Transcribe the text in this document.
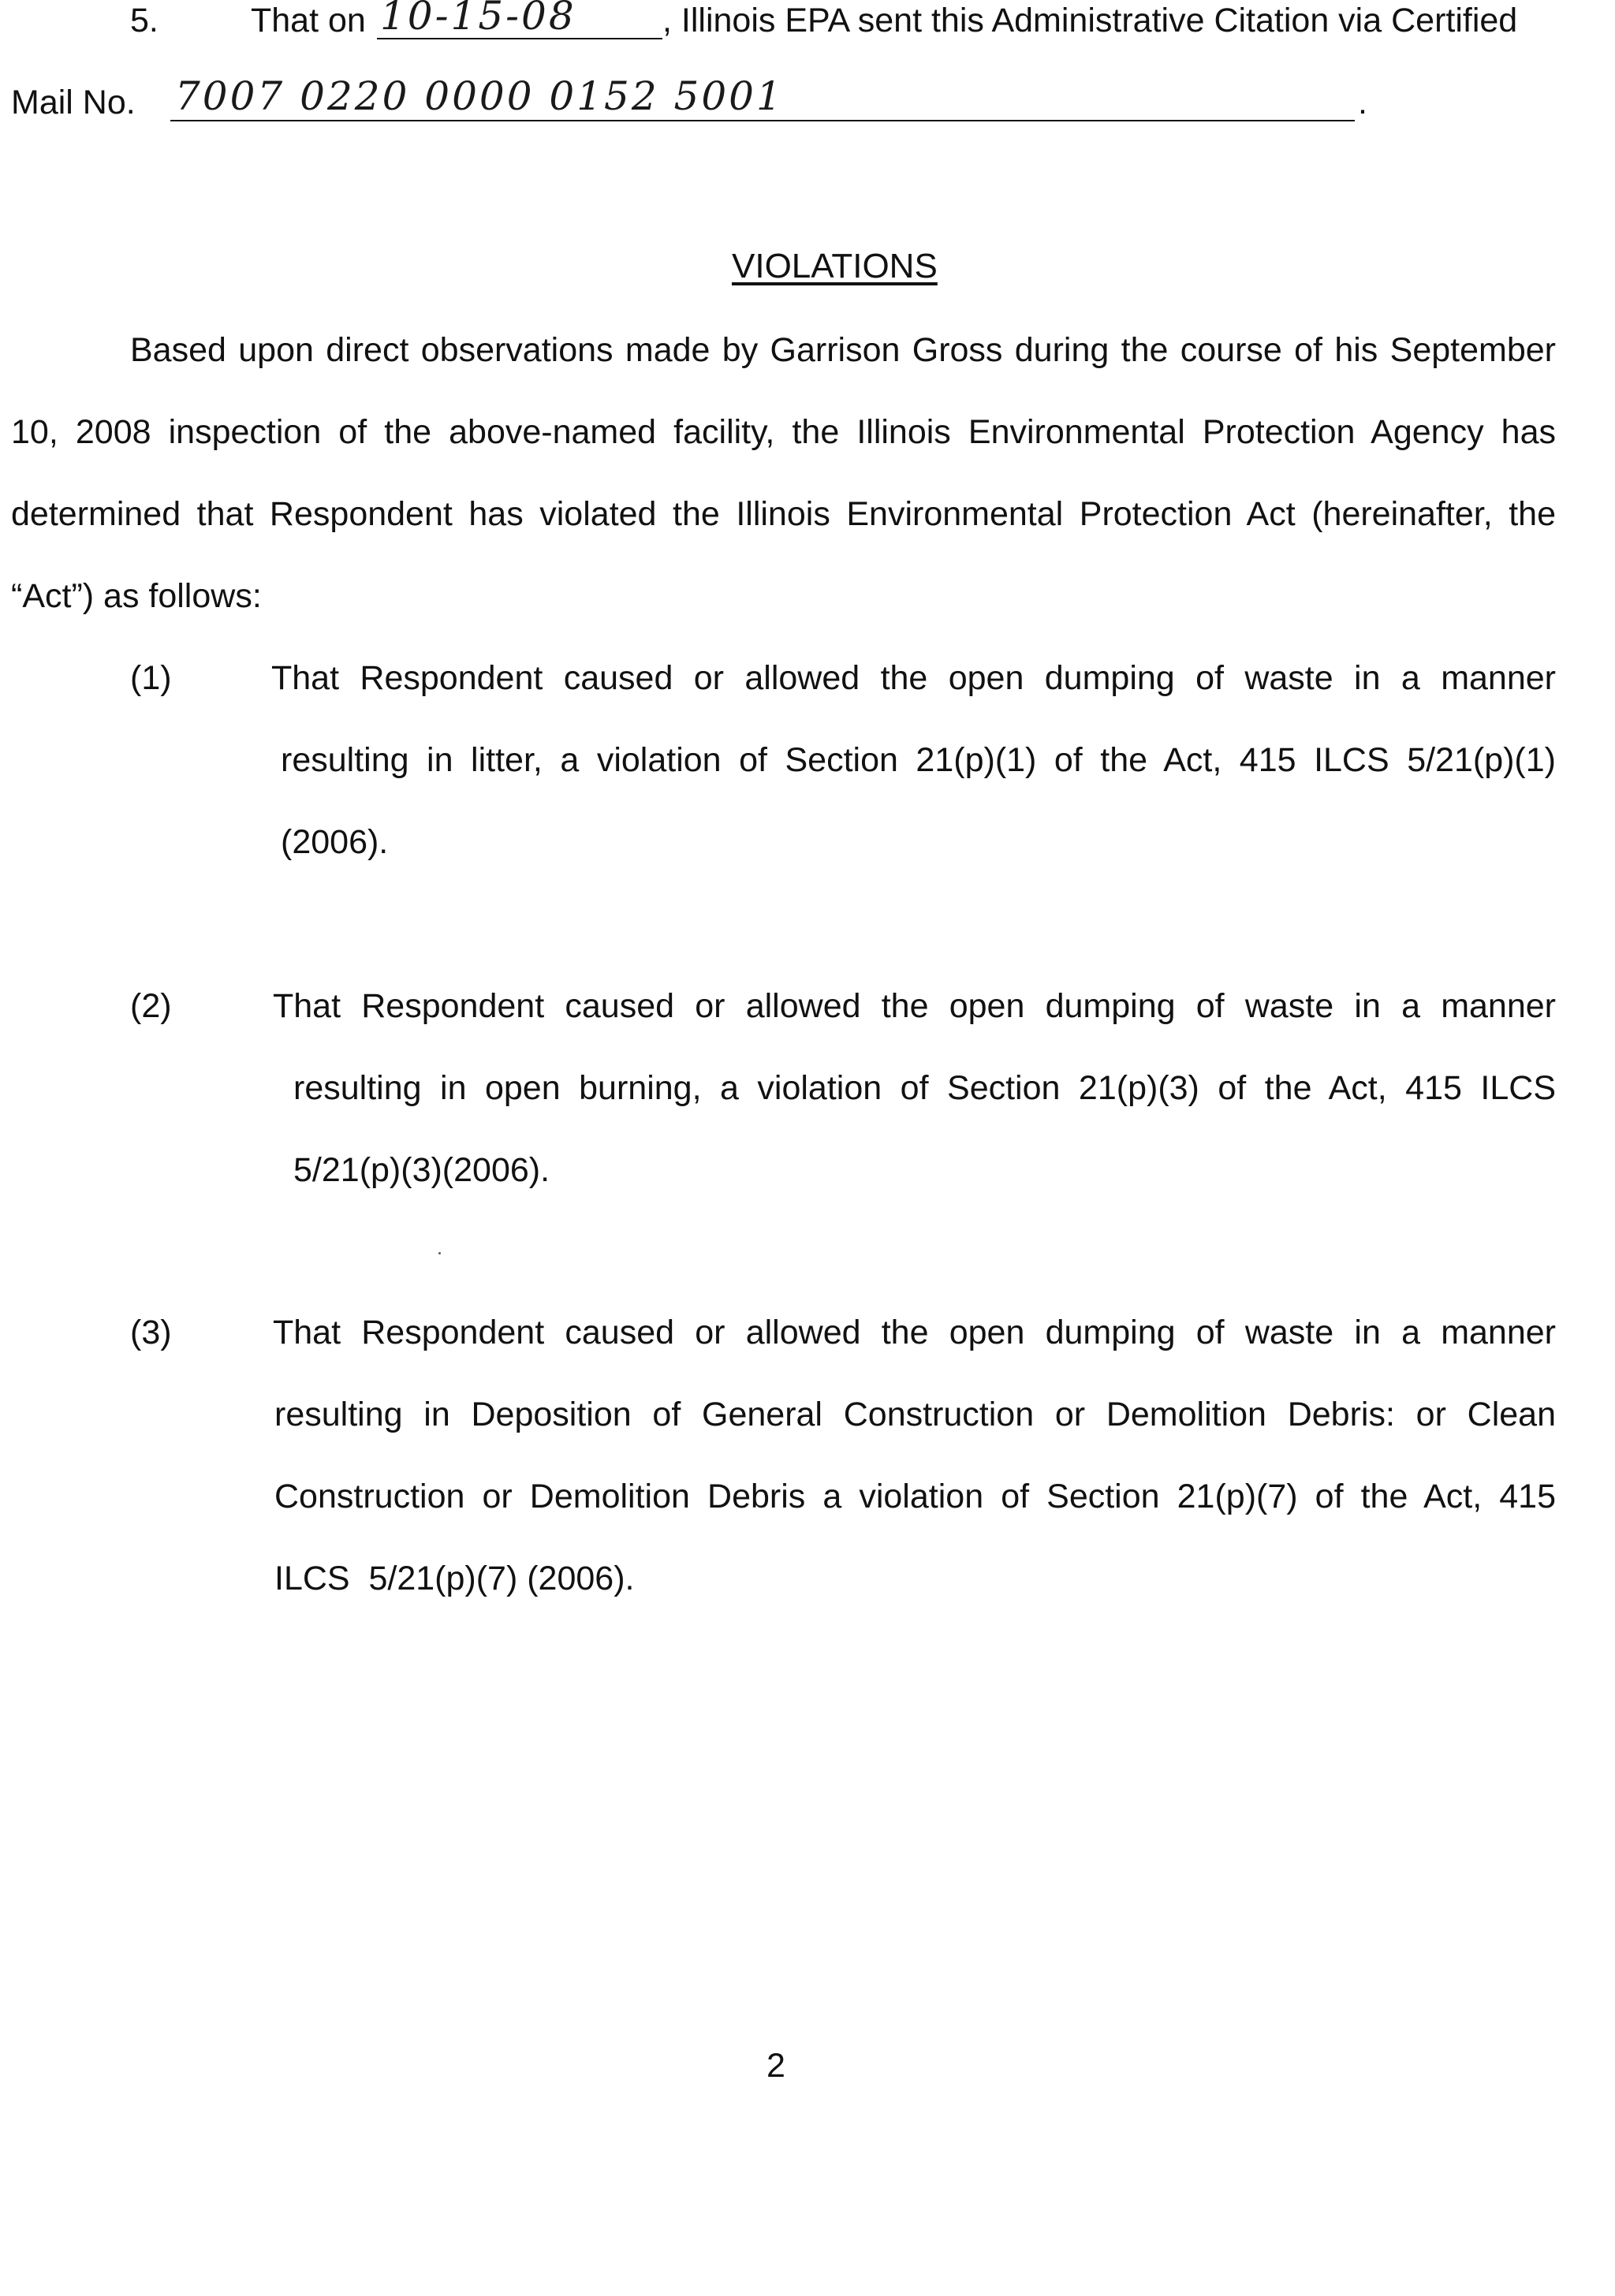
5.	That on 10-15-08	, Illinois EPA sent this Administrative Citation via Certified
Mail No. 7007 0220 0000 0152 5001	.
VIOLATIONS
Based upon direct observations made by Garrison Gross during the course of his September
10, 2008 inspection of the above-named facility, the Illinois Environmental Protection Agency has
determined that Respondent has violated the Illinois Environmental Protection Act (hereinafter, the
“Act”) as follows:
(1)	That Respondent caused or allowed the open dumping of waste in a manner
resulting in litter, a violation of Section 21(p)(1) of the Act, 415 ILCS 5/21(p)(1)
(2006).
(2)	That Respondent caused or allowed the open dumping of waste in a manner
resulting in open burning, a violation of Section 21(p)(3) of the Act, 415 ILCS
5/21(p)(3)(2006).
(3)	That Respondent caused or allowed the open dumping of waste in a manner
resulting in Deposition of General Construction or Demolition Debris: or Clean
Construction or Demolition Debris a violation of Section 21(p)(7) of the Act, 415
ILCS  5/21(p)(7) (2006).
2
